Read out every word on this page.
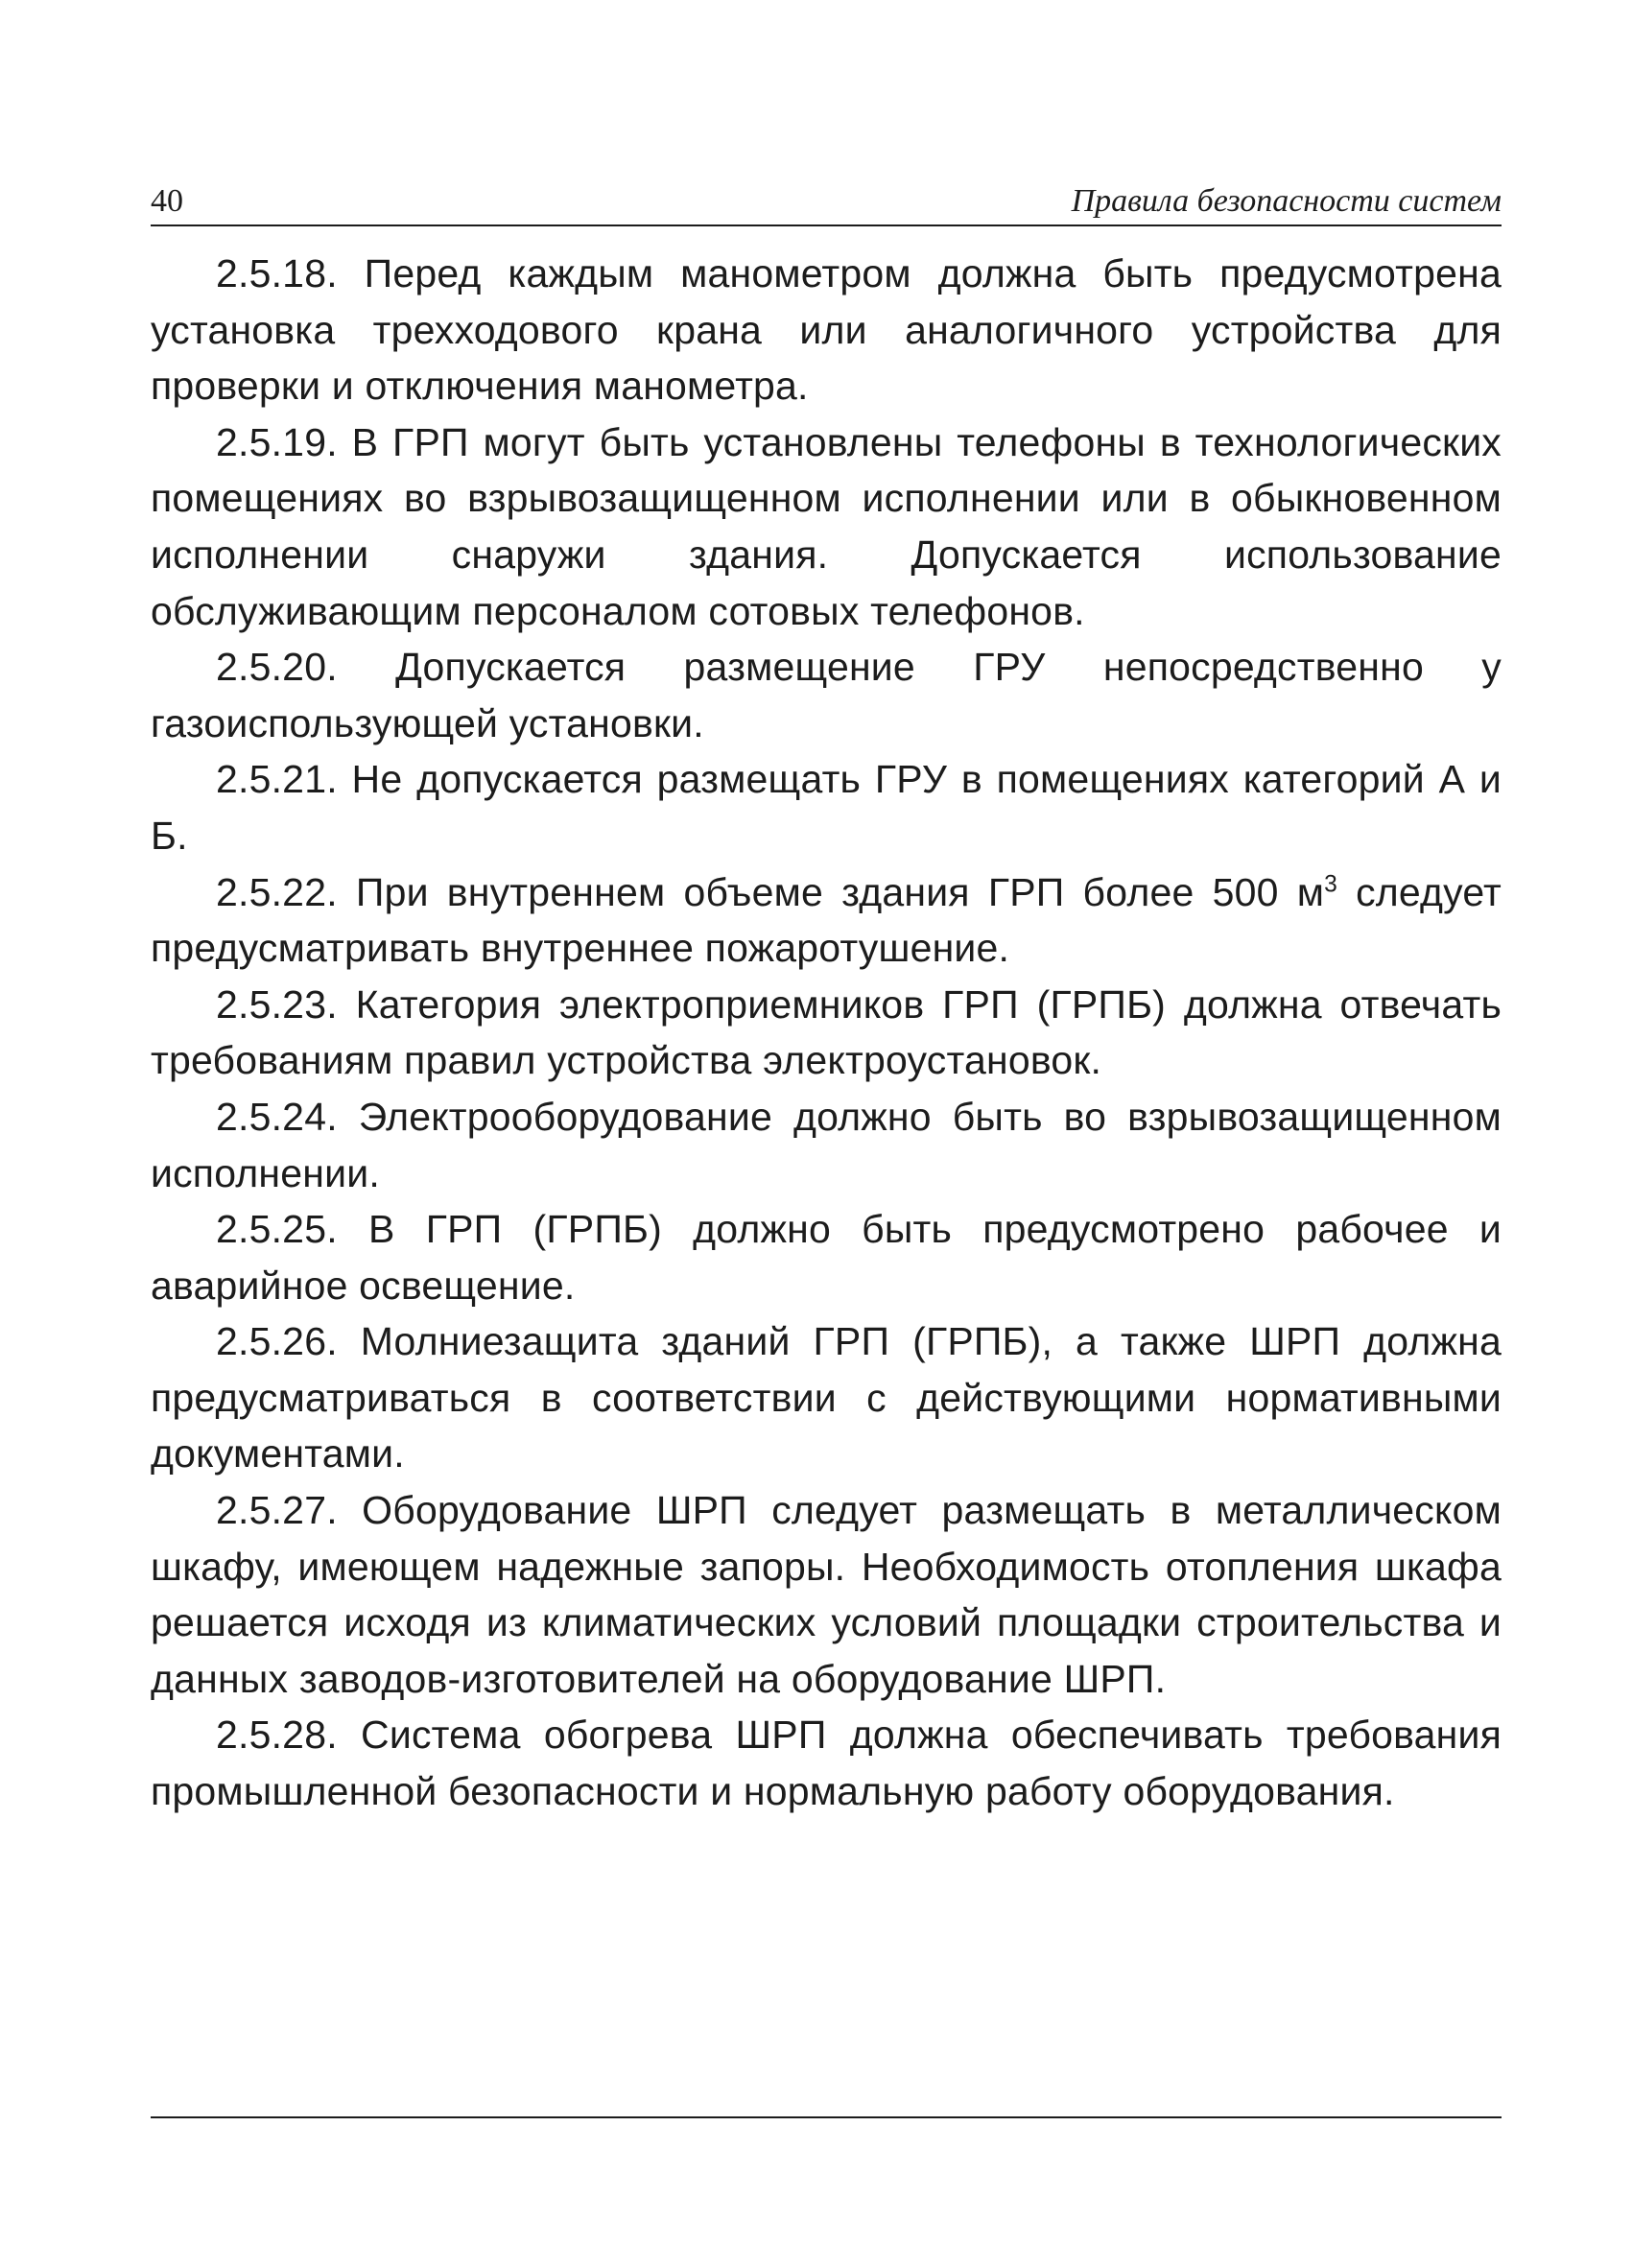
40	Правила безопасности систем

2.5.18. Перед каждым манометром должна быть предусмотрена установка трехходового крана или аналогичного устройства для проверки и отключения манометра.

2.5.19. В ГРП могут быть установлены телефоны в технологических помещениях во взрывозащищенном исполнении или в обыкновенном исполнении снаружи здания. Допускается использование обслуживающим персоналом сотовых телефонов.

2.5.20. Допускается размещение ГРУ непосредственно у газоиспользующей установки.

2.5.21. Не допускается размещать ГРУ в помещениях категорий А и Б.

2.5.22. При внутреннем объеме здания ГРП более 500 $м^3$ следует предусматривать внутреннее пожаротушение.

2.5.23. Категория электроприемников ГРП (ГРПБ) должна отвечать требованиям правил устройства электроустановок.

2.5.24. Электрооборудование должно быть во взрывозащищенном исполнении.

2.5.25. В ГРП (ГРПБ) должно быть предусмотрено рабочее и аварийное освещение.

2.5.26. Молниезащита зданий ГРП (ГРПБ), а также ШРП должна предусматриваться в соответствии с действующими нормативными документами.

2.5.27. Оборудование ШРП следует размещать в металлическом шкафу, имеющем надежные запоры. Необходимость отопления шкафа решается исходя из климатических условий площадки строительства и данных заводов-изготовителей на оборудование ШРП.

2.5.28. Система обогрева ШРП должна обеспечивать требования промышленной безопасности и нормальную работу оборудования.
